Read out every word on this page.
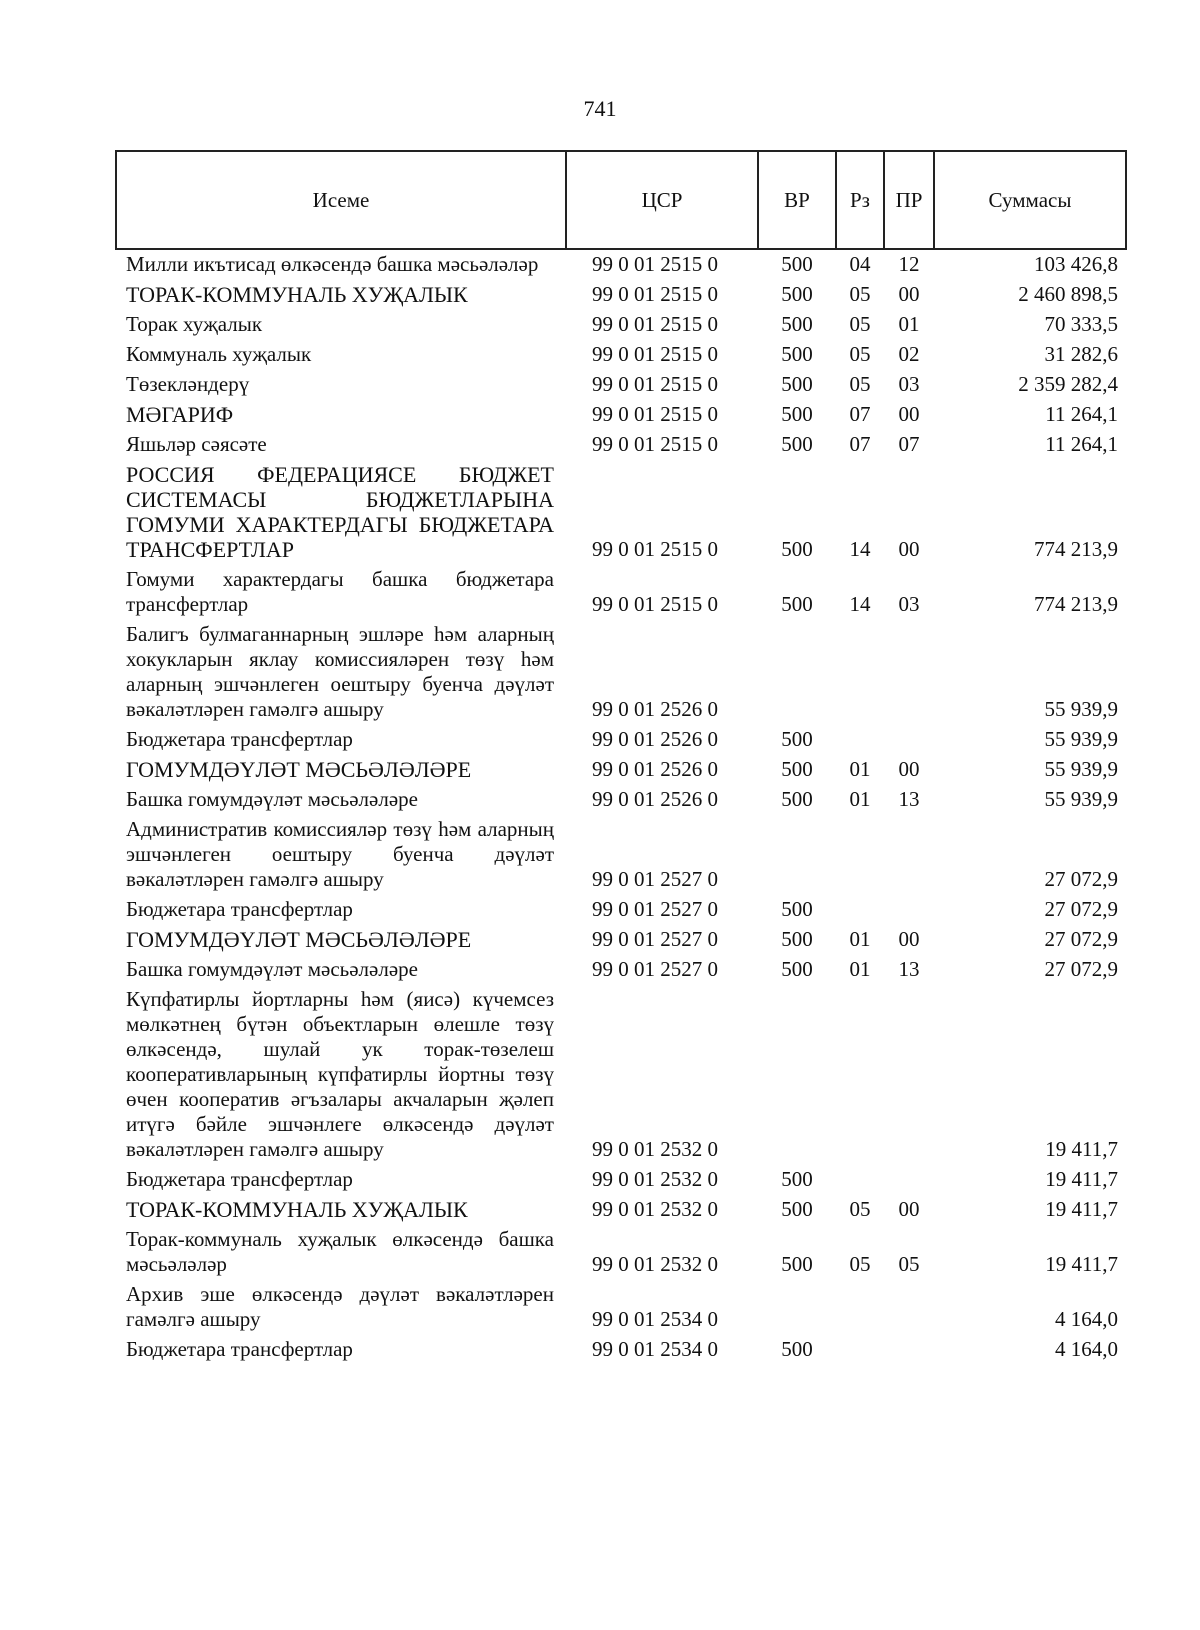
741
Исеме	ЦСР	ВР	Рз	ПР	Суммасы
Милли икътисад өлкәсендә башка мәсьәләләр	99 0 01 2515 0	500	04	12	103 426,8
ТОРАК-КОММУНАЛЬ ХУҖАЛЫК	99 0 01 2515 0	500	05	00	2 460 898,5
Торак хуҗалык	99 0 01 2515 0	500	05	01	70 333,5
Коммуналь хуҗалык	99 0 01 2515 0	500	05	02	31 282,6
Төзекләндерү	99 0 01 2515 0	500	05	03	2 359 282,4
МӘГАРИФ	99 0 01 2515 0	500	07	00	11 264,1
Яшьләр сәясәте	99 0 01 2515 0	500	07	07	11 264,1
РОССИЯ ФЕДЕРАЦИЯСЕ БЮДЖЕТ СИСТЕМАСЫ БЮДЖЕТЛАРЫНА ГОМУМИ ХАРАКТЕРДАГЫ БЮДЖЕТАРА ТРАНСФЕРТЛАР	99 0 01 2515 0	500	14	00	774 213,9
Гомуми характердагы башка бюджетара трансфертлар	99 0 01 2515 0	500	14	03	774 213,9
Балигъ булмаганнарның эшләре һәм аларның хокукларын яклау комиссияләрен төзү һәм аларның эшчәнлеген оештыру буенча дәүләт вәкаләтләрен гамәлгә ашыру	99 0 01 2526 0				55 939,9
Бюджетара трансфертлар	99 0 01 2526 0	500			55 939,9
ГОМУМДӘҮЛӘТ МӘСЬӘЛӘЛӘРЕ	99 0 01 2526 0	500	01	00	55 939,9
Башка гомумдәүләт мәсьәләләре	99 0 01 2526 0	500	01	13	55 939,9
Административ комиссияләр төзү һәм аларның эшчәнлеген оештыру буенча дәүләт вәкаләтләрен гамәлгә ашыру	99 0 01 2527 0				27 072,9
Бюджетара трансфертлар	99 0 01 2527 0	500			27 072,9
ГОМУМДӘҮЛӘТ МӘСЬӘЛӘЛӘРЕ	99 0 01 2527 0	500	01	00	27 072,9
Башка гомумдәүләт мәсьәләләре	99 0 01 2527 0	500	01	13	27 072,9
Күпфатирлы йортларны һәм (яисә) күчемсез мөлкәтнең бүтән объектларын өлешле төзү өлкәсендә, шулай ук торак-төзелеш кооперативларының күпфатирлы йортны төзү өчен кооператив әгъзалары акчаларын җәлеп итүгә бәйле эшчәнлеге өлкәсендә дәүләт вәкаләтләрен гамәлгә ашыру	99 0 01 2532 0				19 411,7
Бюджетара трансфертлар	99 0 01 2532 0	500			19 411,7
ТОРАК-КОММУНАЛЬ ХУҖАЛЫК	99 0 01 2532 0	500	05	00	19 411,7
Торак-коммуналь хуҗалык өлкәсендә башка мәсьәләләр	99 0 01 2532 0	500	05	05	19 411,7
Архив эше өлкәсендә дәүләт вәкаләтләрен гамәлгә ашыру	99 0 01 2534 0				4 164,0
Бюджетара трансфертлар	99 0 01 2534 0	500			4 164,0
